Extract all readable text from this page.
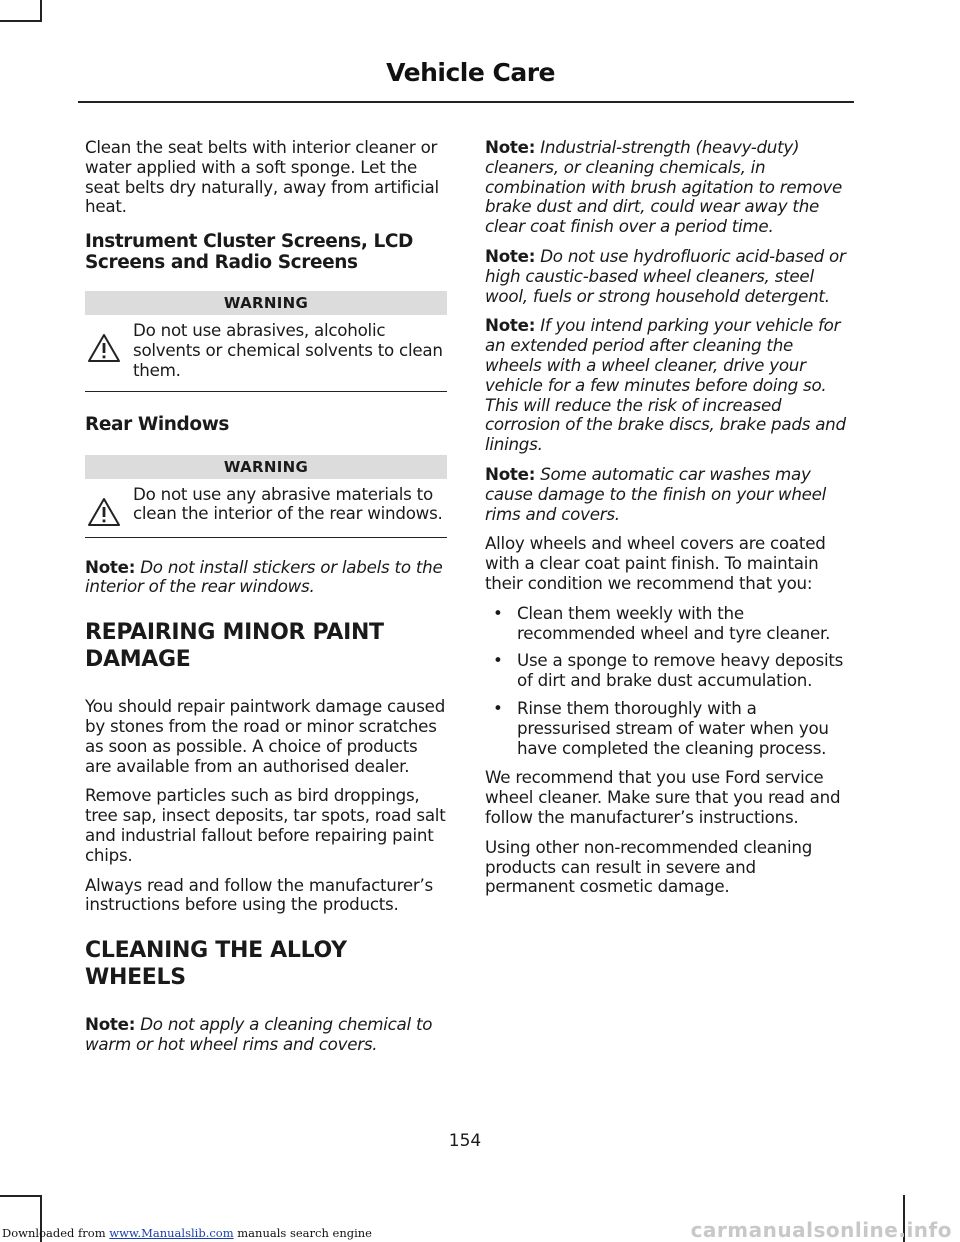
Vehicle Care

Clean the seat belts with interior cleaner or water applied with a soft sponge. Let the seat belts dry naturally, away from artificial heat.

Instrument Cluster Screens, LCD Screens and Radio Screens
WARNING
Do not use abrasives, alcoholic solvents or chemical solvents to clean them.
Rear Windows
WARNING
Do not use any abrasive materials to clean the interior of the rear windows.

Note: Do not install stickers or labels to the interior of the rear windows.

REPAIRING MINOR PAINT DAMAGE

You should repair paintwork damage caused by stones from the road or minor scratches as soon as possible. A choice of products are available from an authorised dealer.

Remove particles such as bird droppings, tree sap, insect deposits, tar spots, road salt and industrial fallout before repairing paint chips.

Always read and follow the manufacturer’s instructions before using the products.

CLEANING THE ALLOY WHEELS

Note: Do not apply a cleaning chemical to warm or hot wheel rims and covers.

Note: Industrial-strength (heavy-duty) cleaners, or cleaning chemicals, in combination with brush agitation to remove brake dust and dirt, could wear away the clear coat finish over a period time.

Note: Do not use hydrofluoric acid-based or high caustic-based wheel cleaners, steel wool, fuels or strong household detergent.

Note: If you intend parking your vehicle for an extended period after cleaning the wheels with a wheel cleaner, drive your vehicle for a few minutes before doing so. This will reduce the risk of increased corrosion of the brake discs, brake pads and linings.

Note: Some automatic car washes may cause damage to the finish on your wheel rims and covers.

Alloy wheels and wheel covers are coated with a clear coat paint finish. To maintain their condition we recommend that you:

• Clean them weekly with the recommended wheel and tyre cleaner.
• Use a sponge to remove heavy deposits of dirt and brake dust accumulation.
• Rinse them thoroughly with a pressurised stream of water when you have completed the cleaning process.

We recommend that you use Ford service wheel cleaner. Make sure that you read and follow the manufacturer’s instructions.

Using other non-recommended cleaning products can result in severe and permanent cosmetic damage.

154
Downloaded from www.Manualslib.com manuals search engine	carmanualsonline.info
